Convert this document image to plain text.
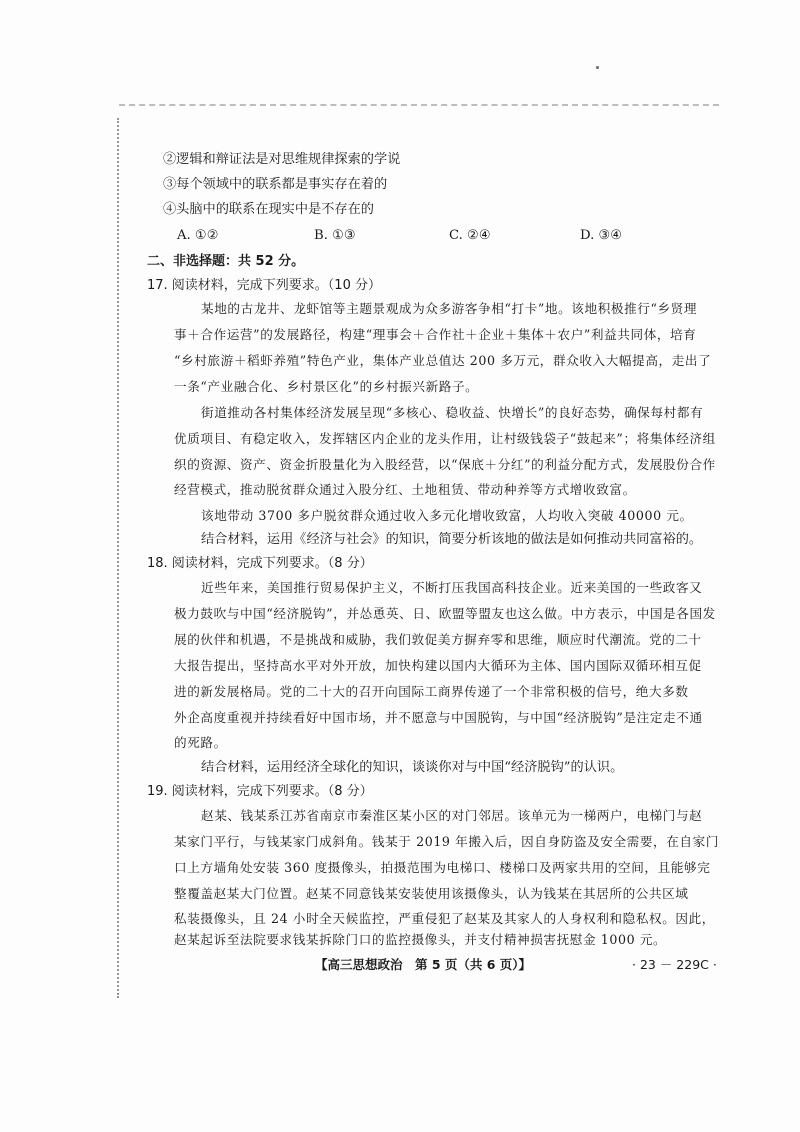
②逻辑和辩证法是对思维规律探索的学说
③每个领域中的联系都是事实存在着的
④头脑中的联系在现实中是不存在的
A. ①②	B. ①③	C. ②④	D. ③④
二、非选择题：共 52 分。
17. 阅读材料，完成下列要求。（10 分）
某地的古龙井、龙虾馆等主题景观成为众多游客争相“打卡”地。该地积极推行“乡贤理
事＋合作运营”的发展路径，构建“理事会＋合作社＋企业＋集体＋农户”利益共同体，培育
“乡村旅游＋稻虾养殖”特色产业，集体产业总值达 200 多万元，群众收入大幅提高，走出了
一条“产业融合化、乡村景区化”的乡村振兴新路子。
街道推动各村集体经济发展呈现“多核心、稳收益、快增长”的良好态势，确保每村都有
优质项目、有稳定收入，发挥辖区内企业的龙头作用，让村级钱袋子“鼓起来”；将集体经济组
织的资源、资产、资金折股量化为入股经营，以“保底＋分红”的利益分配方式，发展股份合作
经营模式，推动脱贫群众通过入股分红、土地租赁、带动种养等方式增收致富。
该地带动 3700 多户脱贫群众通过收入多元化增收致富，人均收入突破 40000 元。
结合材料，运用《经济与社会》的知识，简要分析该地的做法是如何推动共同富裕的。
18. 阅读材料，完成下列要求。（8 分）
近些年来，美国推行贸易保护主义，不断打压我国高科技企业。近来美国的一些政客又
极力鼓吹与中国“经济脱钩”，并怂恿英、日、欧盟等盟友也这么做。中方表示，中国是各国发
展的伙伴和机遇，不是挑战和威胁，我们敦促美方摒弃零和思维，顺应时代潮流。党的二十
大报告提出，坚持高水平对外开放，加快构建以国内大循环为主体、国内国际双循环相互促
进的新发展格局。党的二十大的召开向国际工商界传递了一个非常积极的信号，绝大多数
外企高度重视并持续看好中国市场，并不愿意与中国脱钩，与中国“经济脱钩”是注定走不通
的死路。
结合材料，运用经济全球化的知识，谈谈你对与中国“经济脱钩”的认识。
19. 阅读材料，完成下列要求。（8 分）
赵某、钱某系江苏省南京市秦淮区某小区的对门邻居。该单元为一梯两户，电梯门与赵
某家门平行，与钱某家门成斜角。钱某于 2019 年搬入后，因自身防盗及安全需要，在自家门
口上方墙角处安装 360 度摄像头，拍摄范围为电梯口、楼梯口及两家共用的空间，且能够完
整覆盖赵某大门位置。赵某不同意钱某安装使用该摄像头，认为钱某在其居所的公共区域
私装摄像头，且 24 小时全天候监控，严重侵犯了赵某及其家人的人身权利和隐私权。因此，
赵某起诉至法院要求钱某拆除门口的监控摄像头，并支付精神损害抚慰金 1000 元。
【高三思想政治　第 5 页（共 6 页）】	· 23 － 229C ·
